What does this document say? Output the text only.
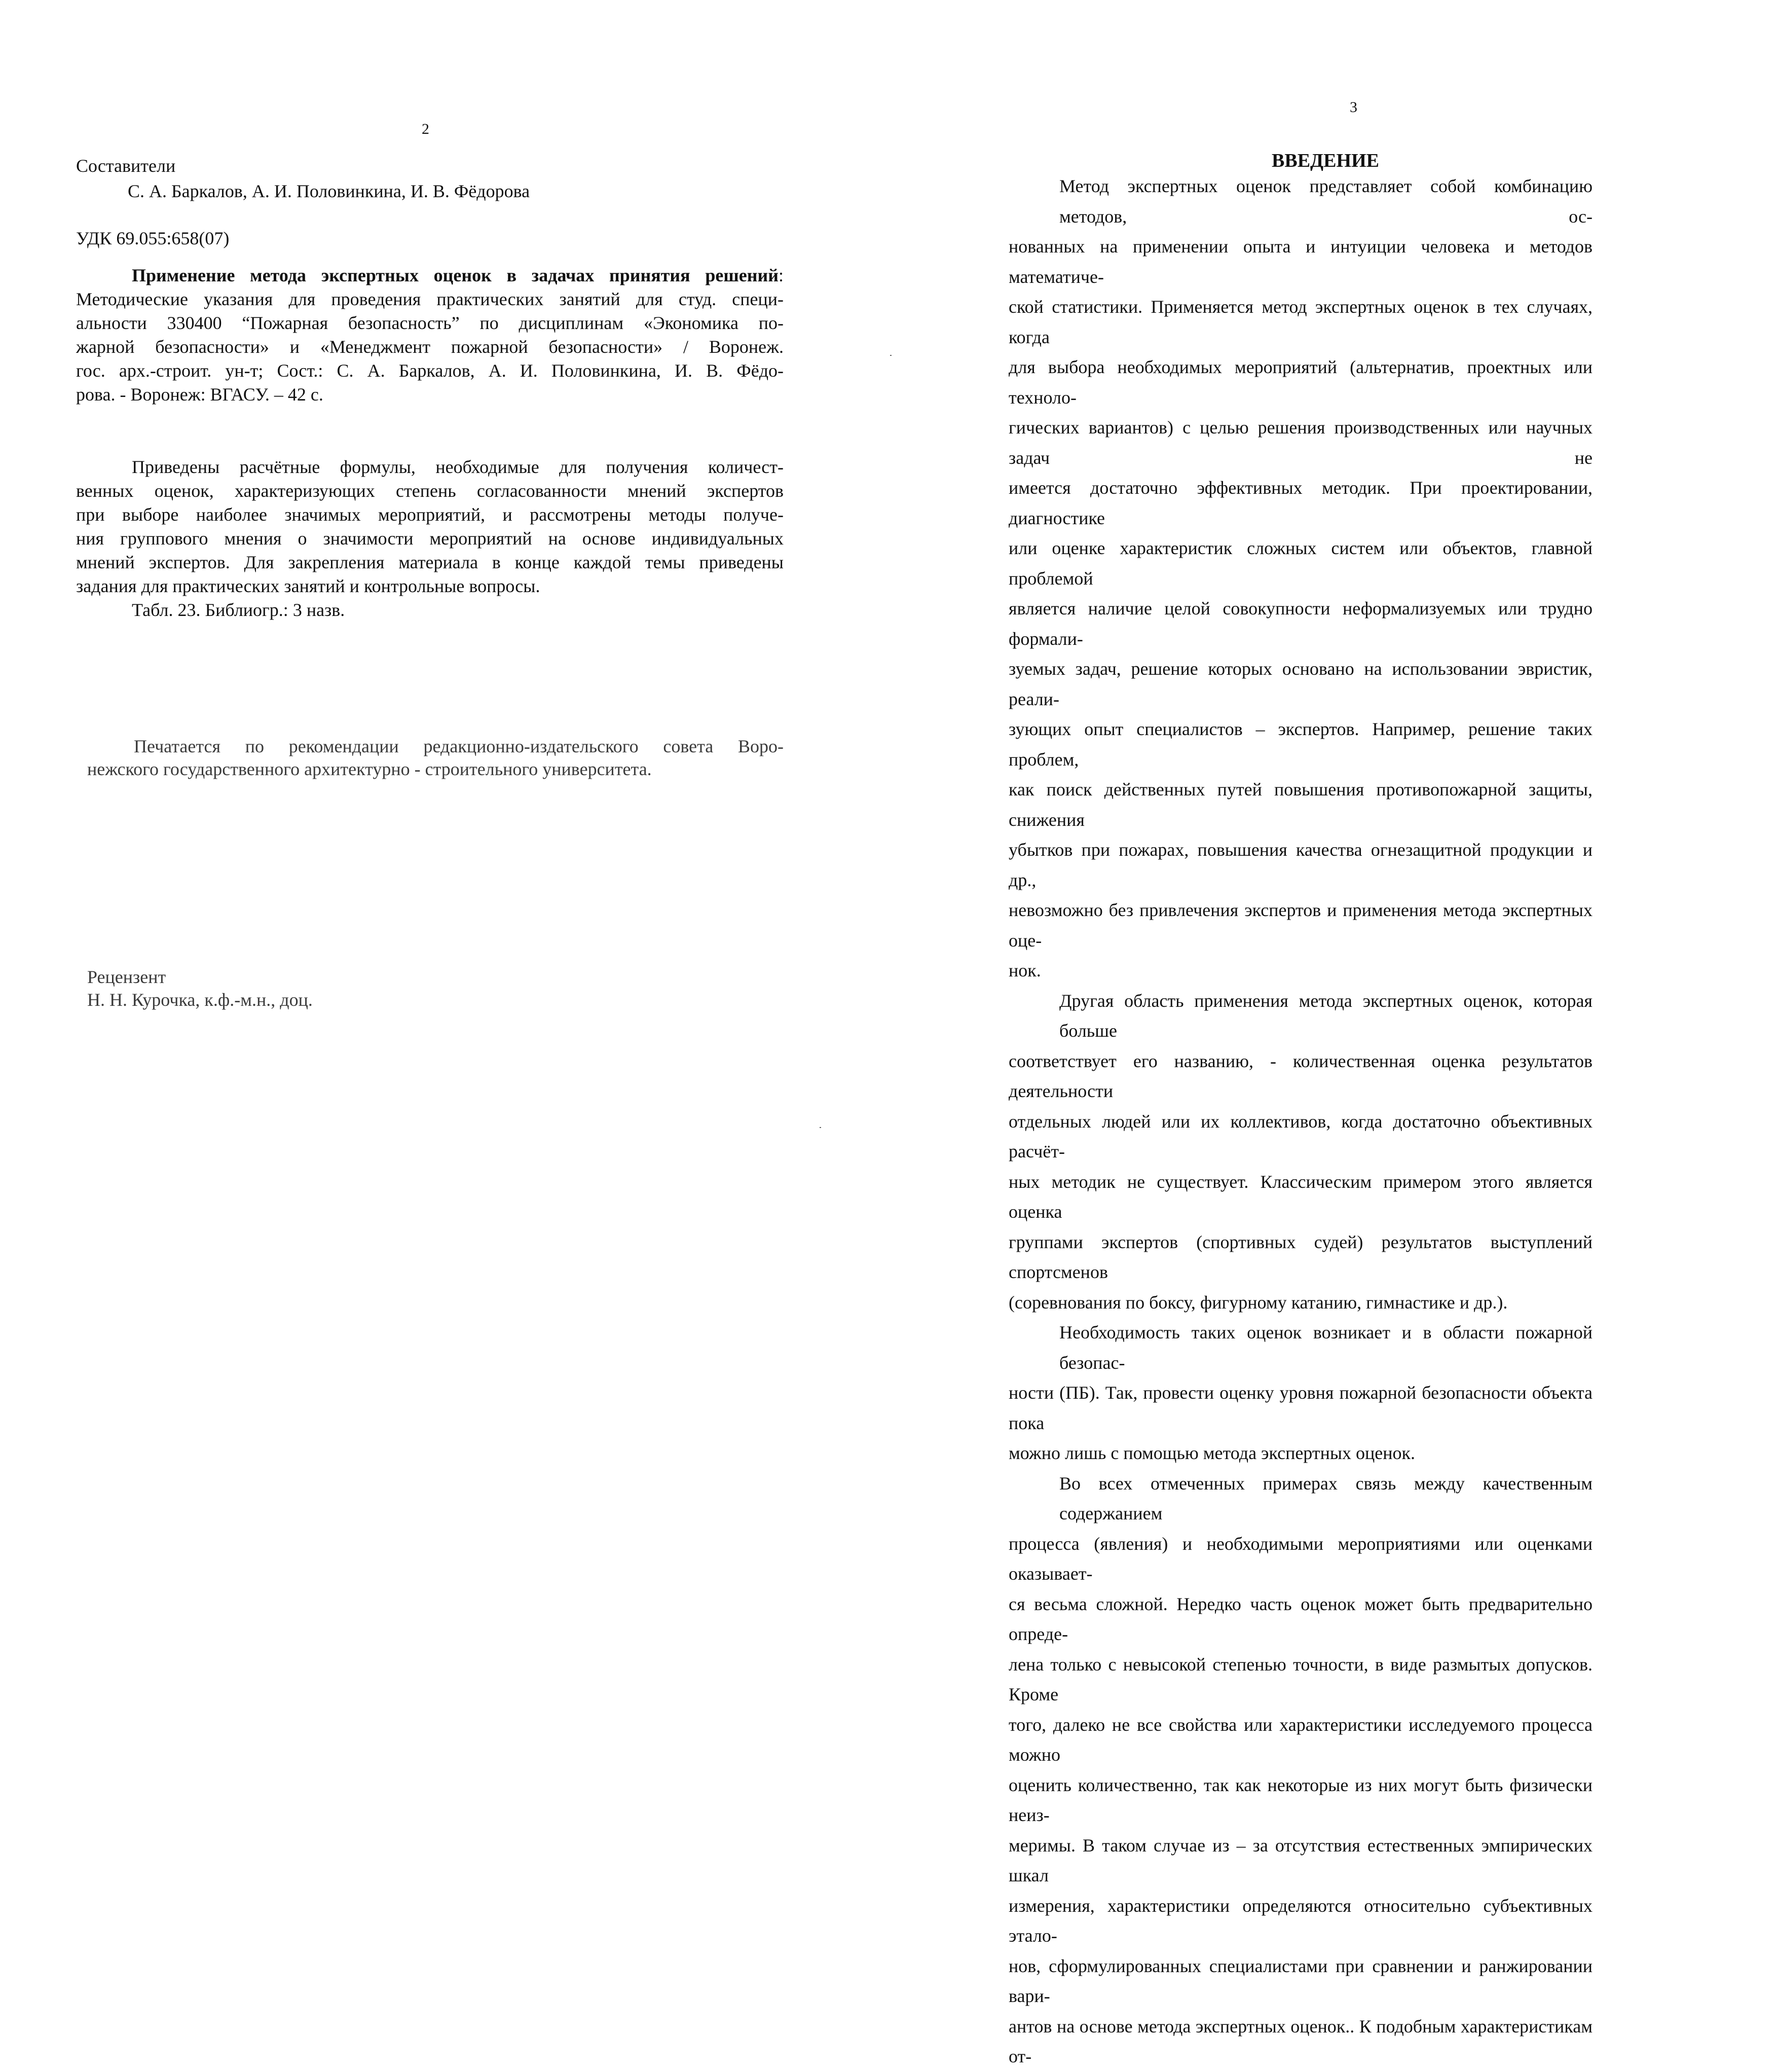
2
Составители
С. А. Баркалов, А. И. Половинкина, И. В. Фёдорова
УДК 69.055:658(07)
Применение метода экспертных оценок в задачах принятия решений:
Методические указания для проведения практических занятий для студ. специ-
альности 330400 “Пожарная безопасность” по дисциплинам «Экономика по-
жарной безопасности» и «Менеджмент пожарной безопасности» / Воронеж.
гос. арх.-строит. ун-т; Сост.: С. А. Баркалов, А. И. Половинкина, И. В. Фёдо-
рова. - Воронеж: ВГАСУ. – 42 с.
Приведены расчётные формулы, необходимые для получения количест-
венных оценок, характеризующих степень согласованности мнений экспертов
при выборе наиболее значимых мероприятий, и рассмотрены методы получе-
ния группового мнения о значимости мероприятий на основе индивидуальных
мнений экспертов. Для закрепления материала в конце каждой темы приведены
задания для практических занятий и контрольные вопросы.
Табл. 23. Библиогр.: 3 назв.
Печатается по рекомендации редакционно-издательского совета Воро-
нежского государственного архитектурно - строительного университета.
Рецензент
Н. Н. Курочка, к.ф.-м.н., доц.
3
ВВЕДЕНИЕ
Метод экспертных оценок представляет собой комбинацию методов, ос-
нованных на применении опыта и интуиции человека и методов математиче-
ской статистики. Применяется метод экспертных оценок в тех случаях, когда
для выбора необходимых мероприятий (альтернатив, проектных или техноло-
гических вариантов) с целью решения производственных или научных задач не
имеется достаточно эффективных методик. При проектировании, диагностике
или оценке характеристик сложных систем или объектов, главной проблемой
является наличие целой совокупности неформализуемых или трудно формали-
зуемых задач, решение которых основано на использовании эвристик, реали-
зующих опыт специалистов – экспертов. Например, решение таких проблем,
как поиск действенных путей повышения противопожарной защиты, снижения
убытков при пожарах, повышения качества огнезащитной продукции и др.,
невозможно без привлечения экспертов и применения метода экспертных оце-
нок.
Другая область применения метода экспертных оценок, которая больше
соответствует его названию, - количественная оценка результатов деятельности
отдельных людей или их коллективов, когда достаточно объективных расчёт-
ных методик не существует. Классическим примером этого является оценка
группами экспертов (спортивных судей) результатов выступлений спортсменов
(соревнования по боксу, фигурному катанию, гимнастике и др.).
Необходимость таких оценок возникает и в области пожарной безопас-
ности (ПБ). Так, провести оценку уровня пожарной безопасности объекта пока
можно лишь с помощью метода экспертных оценок.
Во всех отмеченных примерах связь между качественным содержанием
процесса (явления) и необходимыми мероприятиями или оценками оказывает-
ся весьма сложной. Нередко часть оценок может быть предварительно опреде-
лена только с невысокой степенью точности, в виде размытых допусков. Кроме
того, далеко не все свойства или характеристики исследуемого процесса можно
оценить количественно, так как некоторые из них могут быть физически неиз-
меримы. В таком случае из – за отсутствия естественных эмпирических шкал
измерения, характеристики определяются относительно субъективных эталo-
нов, сформулированных специалистами при сравнении и ранжировании вари-
антов на основе метода экспертных оценок.. К подобным характеристикам от-
